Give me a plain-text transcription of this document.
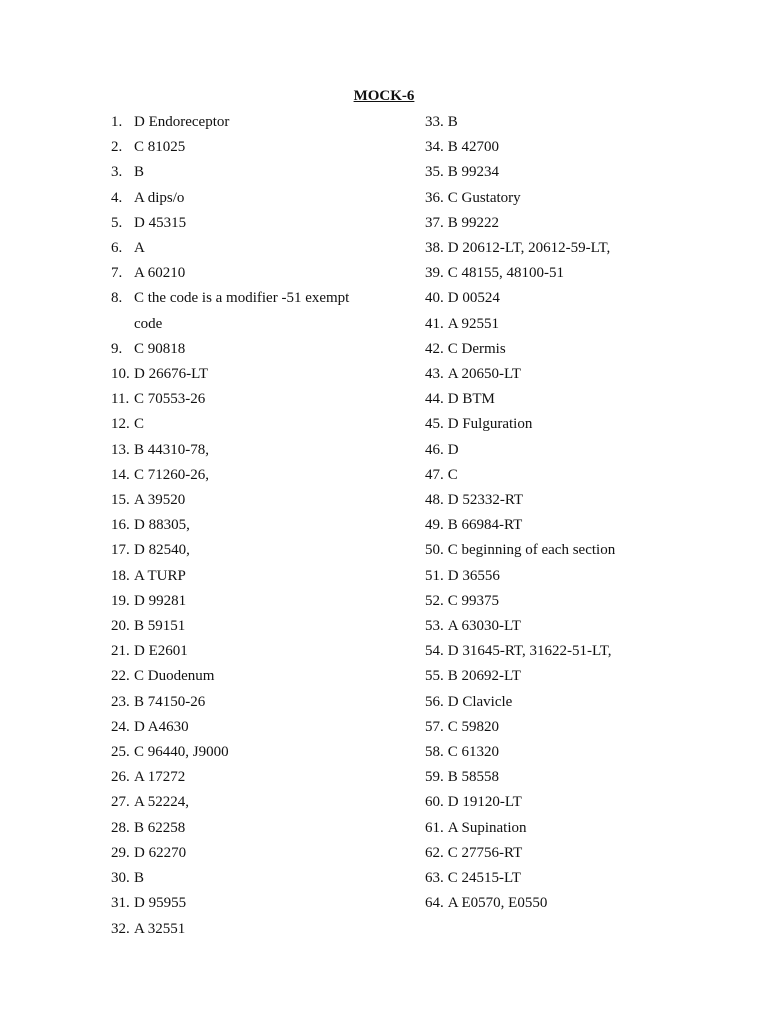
MOCK-6
1. D Endoreceptor
2. C 81025
3. B
4. A dips/o
5. D 45315
6. A
7. A 60210
8. C the code is a modifier -51 exempt code
9. C 90818
10. D 26676-LT
11. C 70553-26
12. C
13. B 44310-78,
14. C 71260-26,
15. A 39520
16. D 88305,
17. D 82540,
18. A TURP
19. D 99281
20. B 59151
21. D E2601
22. C Duodenum
23. B 74150-26
24. D A4630
25. C 96440, J9000
26. A 17272
27. A 52224,
28. B 62258
29. D 62270
30. B
31. D 95955
32. A 32551
33. B
34. B 42700
35. B 99234
36. C Gustatory
37. B 99222
38. D 20612-LT, 20612-59-LT,
39. C 48155, 48100-51
40. D 00524
41. A 92551
42. C Dermis
43. A 20650-LT
44. D BTM
45. D Fulguration
46. D
47. C
48. D 52332-RT
49. B 66984-RT
50. C beginning of each section
51. D 36556
52. C 99375
53. A 63030-LT
54. D 31645-RT, 31622-51-LT,
55. B 20692-LT
56. D Clavicle
57. C 59820
58. C 61320
59. B 58558
60. D 19120-LT
61. A Supination
62. C 27756-RT
63. C 24515-LT
64. A E0570, E0550
